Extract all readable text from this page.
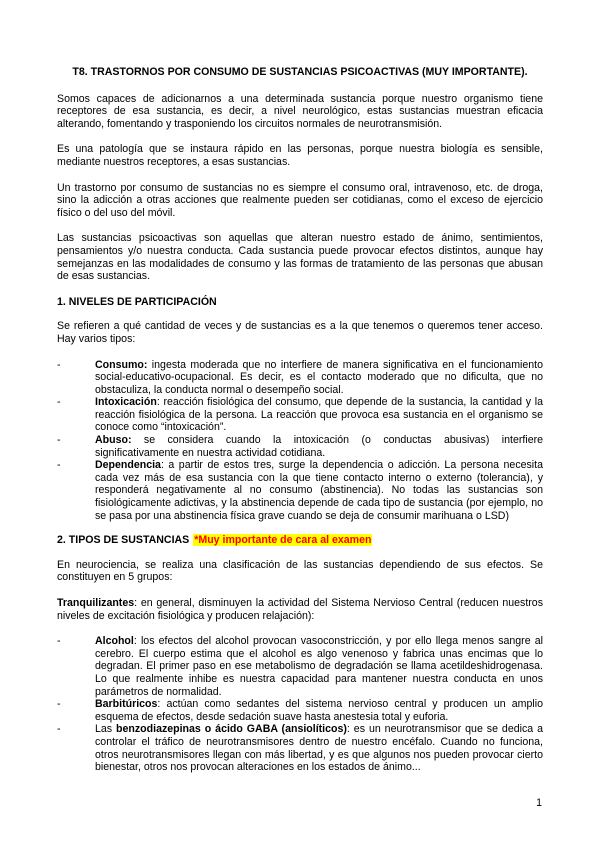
T8. TRASTORNOS POR CONSUMO DE SUSTANCIAS PSICOACTIVAS (MUY IMPORTANTE).

Somos capaces de adicionarnos a una determinada sustancia porque nuestro organismo tiene receptores de esa sustancia, es decir, a nivel neurológico, estas sustancias muestran eficacia alterando, fomentando y trasponiendo los circuitos normales de neurotransmisión.

Es una patología que se instaura rápido en las personas, porque nuestra biología es sensible, mediante nuestros receptores, a esas sustancias.

Un trastorno por consumo de sustancias no es siempre el consumo oral, intravenoso, etc. de droga, sino la adicción a otras acciones que realmente pueden ser cotidianas, como el exceso de ejercicio físico o del uso del móvil.

Las sustancias psicoactivas son aquellas que alteran nuestro estado de ánimo, sentimientos, pensamientos y/o nuestra conducta. Cada sustancia puede provocar efectos distintos, aunque hay semejanzas en las modalidades de consumo y las formas de tratamiento de las personas que abusan de esas sustancias.

1. NIVELES DE PARTICIPACIÓN

Se refieren a qué cantidad de veces y de sustancias es a la que tenemos o queremos tener acceso. Hay varios tipos:

-	Consumo: ingesta moderada que no interfiere de manera significativa en el funcionamiento social-educativo-ocupacional. Es decir, es el contacto moderado que no dificulta, que no obstaculiza, la conducta normal o desempeño social.
-	Intoxicación: reacción fisiológica del consumo, que depende de la sustancia, la cantidad y la reacción fisiológica de la persona. La reacción que provoca esa sustancia en el organismo se conoce como “intoxicación”.
-	Abuso: se considera cuando la intoxicación (o conductas abusivas) interfiere significativamente en nuestra actividad cotidiana.
-	Dependencia: a partir de estos tres, surge la dependencia o adicción. La persona necesita cada vez más de esa sustancia con la que tiene contacto interno o externo (tolerancia), y responderá negativamente al no consumo (abstinencia). No todas las sustancias son fisiológicamente adictivas, y la abstinencia depende de cada tipo de sustancia (por ejemplo, no se pasa por una abstinencia física grave cuando se deja de consumir marihuana o LSD)
2. TIPOS DE SUSTANCIAS *Muy importante de cara al examen

En neurociencia, se realiza una clasificación de las sustancias dependiendo de sus efectos. Se constituyen en 5 grupos:

Tranquilizantes: en general, disminuyen la actividad del Sistema Nervioso Central (reducen nuestros niveles de excitación fisiológica y producen relajación):

-	Alcohol: los efectos del alcohol provocan vasoconstricción, y por ello llega menos sangre al cerebro. El cuerpo estima que el alcohol es algo venenoso y fabrica unas encimas que lo degradan. El primer paso en ese metabolismo de degradación se llama acetildeshidrogenasa. Lo que realmente inhibe es nuestra capacidad para mantener nuestra conducta en unos parámetros de normalidad.
-	Barbitúricos: actúan como sedantes del sistema nervioso central y producen un amplio esquema de efectos, desde sedación suave hasta anestesia total y euforia.
-	Las benzodiazepinas o ácido GABA (ansiolíticos): es un neurotransmisor que se dedica a controlar el tráfico de neurotransmisores dentro de nuestro encéfalo. Cuando no funciona, otros neurotransmisores llegan con más libertad, y es que algunos nos pueden provocar cierto bienestar, otros nos provocan alteraciones en los estados de ánimo...
1
